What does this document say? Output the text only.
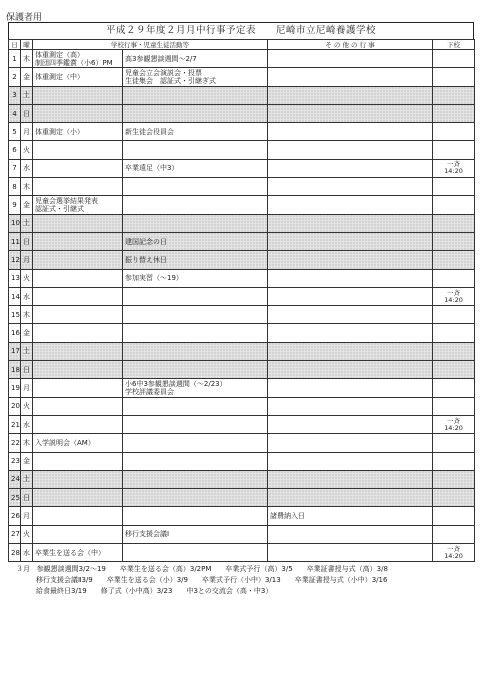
保護者用
平成２９年度２月月中行事予定表　　尼崎市立尼崎養護学校
日	曜	学校行事・児童生徒活動等		そ の 他 の 行 事	下校
1	木	体重測定（高）
制団四季鑑賞（小6）PM	高3参観懇談週間～2/7		
2	金	体重測定（中）	児童会立会演説会・投票
生徒集会　認証式・引継ぎ式		
3	土				
4	日				
5	月	体重測定（小）	新生徒会役員会		
6	火				
7	水		卒業遠足（中3）		一斉
14:20
8	木				
9	金	児童会選挙結果発表
認証式・引継式			
10	土				
11	日		建国記念の日		
12	月		振り替え休日		
13	火		参加実習（～19）		
14	水				一斉
14:20
15	木				
16	金				
17	土				
18	日				
19	月		小6中3参観懇談週間（～2/23）
学校評議委員会		
20	火				
21	水				一斉
14:20
22	木	入学説明会（AM）			
23	金				
24	土				
25	日				
26	月			諸費納入日	
27	火		移行支援会議Ⅰ		
28	水	卒業生を送る会（中）			一斉
14:20
３月 参観懇談週間3/2～19　　卒業生を送る会（高）3/2PM　　卒業式予行（高）3/5　　卒業証書授与式（高）3/8
移行支援会議Ⅱ3/9　　卒業生を送る会（小）3/9　　卒業式予行（小中）3/13　　卒業証書授与式（小中）3/16
給食最終日3/19　　修了式（小中高）3/23　　中3との交流会（高・中3）
